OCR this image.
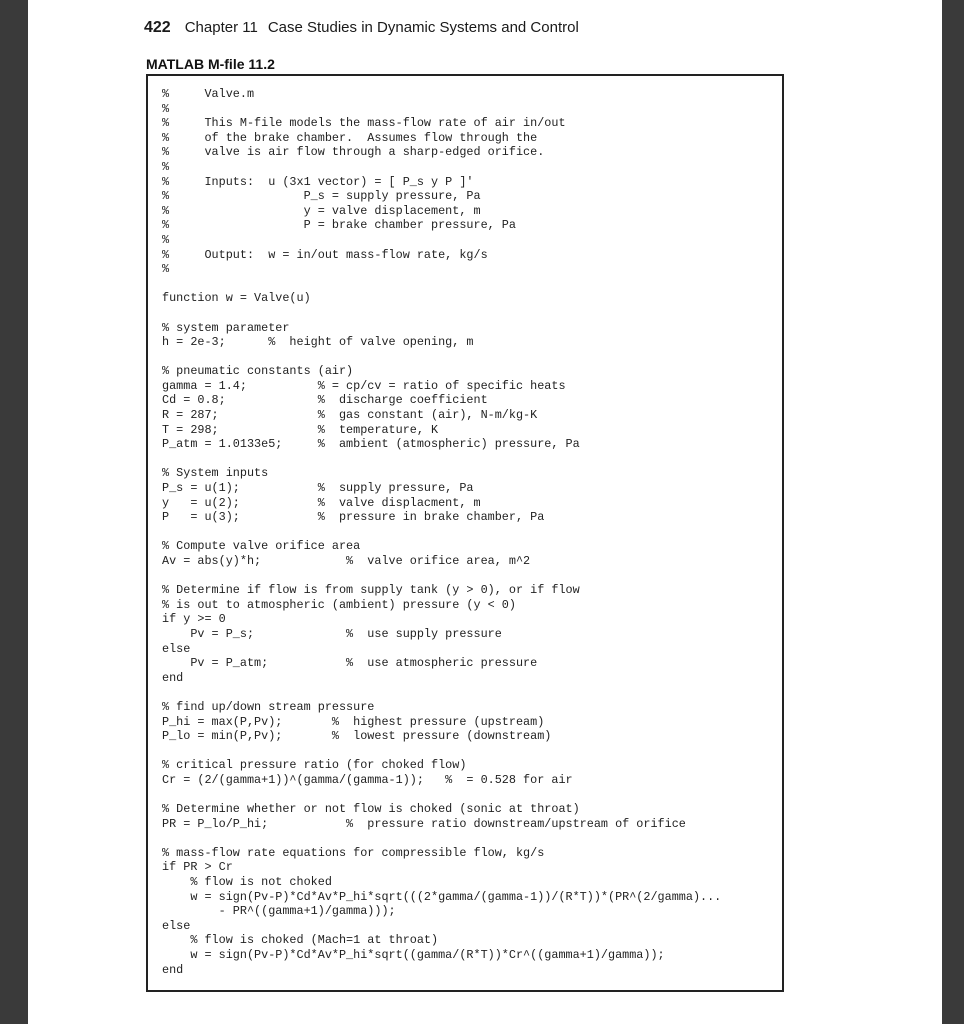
422 Chapter 11 Case Studies in Dynamic Systems and Control
MATLAB M-file 11.2
%     Valve.m
%
%     This M-file models the mass-flow rate of air in/out
%     of the brake chamber.  Assumes flow through the
%     valve is air flow through a sharp-edged orifice.
%
%     Inputs:  u (3x1 vector) = [ P_s y P ]'
%                   P_s = supply pressure, Pa
%                   y = valve displacement, m
%                   P = brake chamber pressure, Pa
%
%     Output:  w = in/out mass-flow rate, kg/s
%

function w = Valve(u)

% system parameter
h = 2e-3;      %  height of valve opening, m

% pneumatic constants (air)
gamma = 1.4;          % = cp/cv = ratio of specific heats
Cd = 0.8;             %  discharge coefficient
R = 287;              %  gas constant (air), N-m/kg-K
T = 298;              %  temperature, K
P_atm = 1.0133e5;     %  ambient (atmospheric) pressure, Pa

% System inputs
P_s = u(1);           %  supply pressure, Pa
y   = u(2);           %  valve displacment, m
P   = u(3);           %  pressure in brake chamber, Pa

% Compute valve orifice area
Av = abs(y)*h;            %  valve orifice area, m^2

% Determine if flow is from supply tank (y > 0), or if flow
% is out to atmospheric (ambient) pressure (y < 0)
if y >= 0
Pv = P_s;             %  use supply pressure
else
Pv = P_atm;           %  use atmospheric pressure
end

% find up/down stream pressure
P_hi = max(P,Pv);       %  highest pressure (upstream)
P_lo = min(P,Pv);       %  lowest pressure (downstream)

% critical pressure ratio (for choked flow)
Cr = (2/(gamma+1))^(gamma/(gamma-1));   %  = 0.528 for air

% Determine whether or not flow is choked (sonic at throat)
PR = P_lo/P_hi;           %  pressure ratio downstream/upstream of orifice

% mass-flow rate equations for compressible flow, kg/s
if PR > Cr
% flow is not choked
w = sign(Pv-P)*Cd*Av*P_hi*sqrt(((2*gamma/(gamma-1))/(R*T))*(PR^(2/gamma)...
- PR^((gamma+1)/gamma)));
else
% flow is choked (Mach=1 at throat)
w = sign(Pv-P)*Cd*Av*P_hi*sqrt((gamma/(R*T))*Cr^((gamma+1)/gamma));
end
